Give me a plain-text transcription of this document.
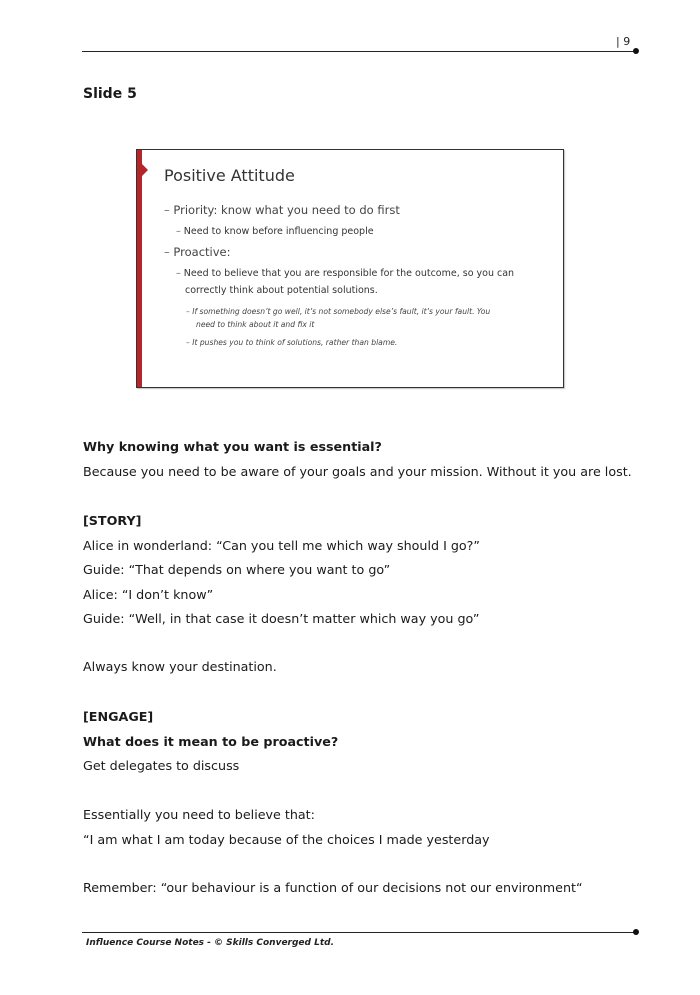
| 9
Slide 5
Positive Attitude
– Priority: know what you need to do first
– Need to know before influencing people
– Proactive:
– Need to believe that you are responsible for the outcome, so you can
correctly think about potential solutions.
– If something doesn’t go well, it’s not somebody else’s fault, it’s your fault. You
need to think about it and fix it
– It pushes you to think of solutions, rather than blame.
Why knowing what you want is essential?
Because you need to be aware of your goals and your mission. Without it you are lost.
[STORY]
Alice in wonderland: “Can you tell me which way should I go?”
Guide: “That depends on where you want to go”
Alice: “I don’t know”
Guide: “Well, in that case it doesn’t matter which way you go”
Always know your destination.
[ENGAGE]
What does it mean to be proactive?
Get delegates to discuss
Essentially you need to believe that:
“I am what I am today because of the choices I made yesterday
Remember: “our behaviour is a function of our decisions not our environment“
Influence Course Notes - © Skills Converged Ltd.
